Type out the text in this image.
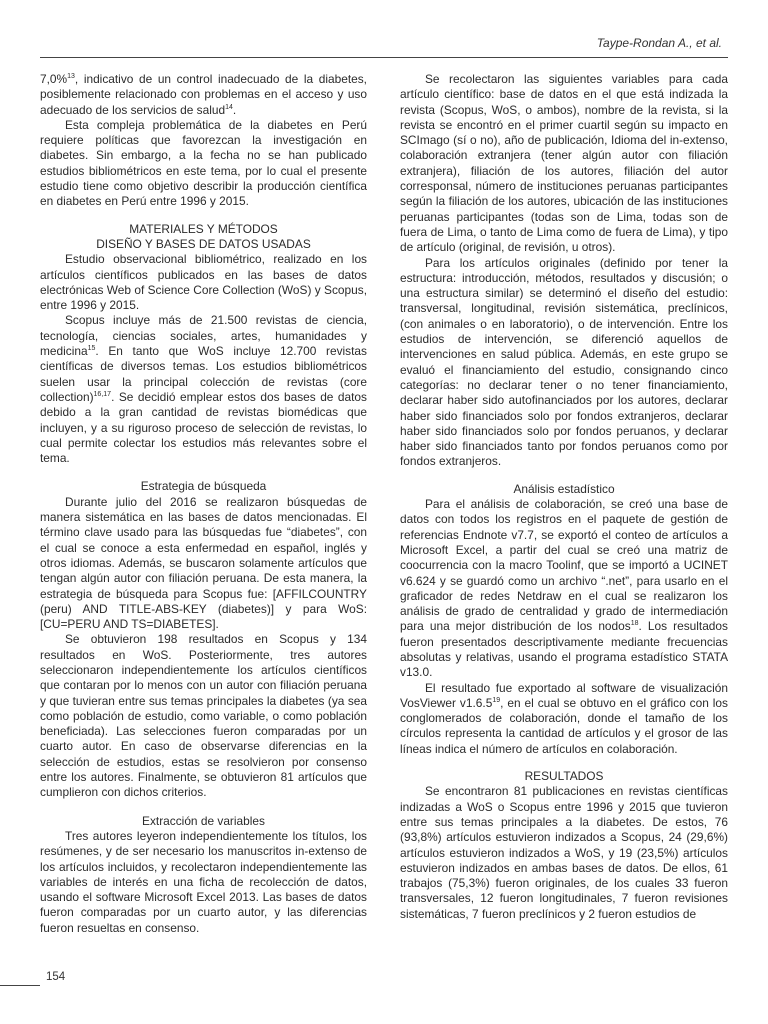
Taype-Rondan A., et al.

7,0%$^{13}$, indicativo de un control inadecuado de la diabetes, posiblemente relacionado con problemas en el acceso y uso adecuado de los servicios de salud$^{14}$.

Esta compleja problemática de la diabetes en Perú requiere políticas que favorezcan la investigación en diabetes. Sin embargo, a la fecha no se han publicado estudios bibliométricos en este tema, por lo cual el presente estudio tiene como objetivo describir la producción científica en diabetes en Perú entre 1996 y 2015.

MATERIALES Y MÉTODOS
DISEÑO Y BASES DE DATOS USADAS

Estudio observacional bibliométrico, realizado en los artículos científicos publicados en las bases de datos electrónicas Web of Science Core Collection (WoS) y Scopus, entre 1996 y 2015.

Scopus incluye más de 21.500 revistas de ciencia, tecnología, ciencias sociales, artes, humanidades y medicina$^{15}$. En tanto que WoS incluye 12.700 revistas científicas de diversos temas. Los estudios bibliométricos suelen usar la principal colección de revistas (core collection)$^{16,17}$. Se decidió emplear estos dos bases de datos debido a la gran cantidad de revistas biomédicas que incluyen, y a su riguroso proceso de selección de revistas, lo cual permite colectar los estudios más relevantes sobre el tema.

Estrategia de búsqueda

Durante julio del 2016 se realizaron búsquedas de manera sistemática en las bases de datos mencionadas. El término clave usado para las búsquedas fue “diabetes”, con el cual se conoce a esta enfermedad en español, inglés y otros idiomas. Además, se buscaron solamente artículos que tengan algún autor con filiación peruana. De esta manera, la estrategia de búsqueda para Scopus fue: [AFFILCOUNTRY (peru) AND TITLE-ABS-KEY (diabetes)] y para WoS: [CU=PERU AND TS=DIABETES].

Se obtuvieron 198 resultados en Scopus y 134 resultados en WoS. Posteriormente, tres autores seleccionaron independientemente los artículos científicos que contaran por lo menos con un autor con filiación peruana y que tuvieran entre sus temas principales la diabetes (ya sea como población de estudio, como variable, o como población beneficiada). Las selecciones fueron comparadas por un cuarto autor. En caso de observarse diferencias en la selección de estudios, estas se resolvieron por consenso entre los autores. Finalmente, se obtuvieron 81 artículos que cumplieron con dichos criterios.

Extracción de variables

Tres autores leyeron independientemente los títulos, los resúmenes, y de ser necesario los manuscritos in-extenso de los artículos incluidos, y recolectaron independientemente las variables de interés en una ficha de recolección de datos, usando el software Microsoft Excel 2013. Las bases de datos fueron comparadas por un cuarto autor, y las diferencias fueron resueltas en consenso.

Se recolectaron las siguientes variables para cada artículo científico: base de datos en el que está indizada la revista (Scopus, WoS, o ambos), nombre de la revista, si la revista se encontró en el primer cuartil según su impacto en SCImago (sí o no), año de publicación, Idioma del in-extenso, colaboración extranjera (tener algún autor con filiación extranjera), filiación de los autores, filiación del autor corresponsal, número de instituciones peruanas participantes según la filiación de los autores, ubicación de las instituciones peruanas participantes (todas son de Lima, todas son de fuera de Lima, o tanto de Lima como de fuera de Lima), y tipo de artículo (original, de revisión, u otros).

Para los artículos originales (definido por tener la estructura: introducción, métodos, resultados y discusión; o una estructura similar) se determinó el diseño del estudio: transversal, longitudinal, revisión sistemática, preclínicos, (con animales o en laboratorio), o de intervención. Entre los estudios de intervención, se diferenció aquellos de intervenciones en salud pública. Además, en este grupo se evaluó el financiamiento del estudio, consignando cinco categorías: no declarar tener o no tener financiamiento, declarar haber sido autofinanciados por los autores, declarar haber sido financiados solo por fondos extranjeros, declarar haber sido financiados solo por fondos peruanos, y declarar haber sido financiados tanto por fondos peruanos como por fondos extranjeros.

Análisis estadístico

Para el análisis de colaboración, se creó una base de datos con todos los registros en el paquete de gestión de referencias Endnote v7.7, se exportó el conteo de artículos a Microsoft Excel, a partir del cual se creó una matriz de coocurrencia con la macro Toolinf, que se importó a UCINET v6.624 y se guardó como un archivo “.net”, para usarlo en el graficador de redes Netdraw en el cual se realizaron los análisis de grado de centralidad y grado de intermediación para una mejor distribución de los nodos$^{18}$. Los resultados fueron presentados descriptivamente mediante frecuencias absolutas y relativas, usando el programa estadístico STATA v13.0.

El resultado fue exportado al software de visualización VosViewer v1.6.5$^{19}$, en el cual se obtuvo en el gráfico con los conglomerados de colaboración, donde el tamaño de los círculos representa la cantidad de artículos y el grosor de las líneas indica el número de artículos en colaboración.

RESULTADOS

Se encontraron 81 publicaciones en revistas científicas indizadas a WoS o Scopus entre 1996 y 2015 que tuvieron entre sus temas principales a la diabetes. De estos, 76 (93,8%) artículos estuvieron indizados a Scopus, 24 (29,6%) artículos estuvieron indizados a WoS, y 19 (23,5%) artículos estuvieron indizados en ambas bases de datos. De ellos, 61 trabajos (75,3%) fueron originales, de los cuales 33 fueron transversales, 12 fueron longitudinales, 7 fueron revisiones sistemáticas, 7 fueron preclínicos y 2 fueron estudios de

154
